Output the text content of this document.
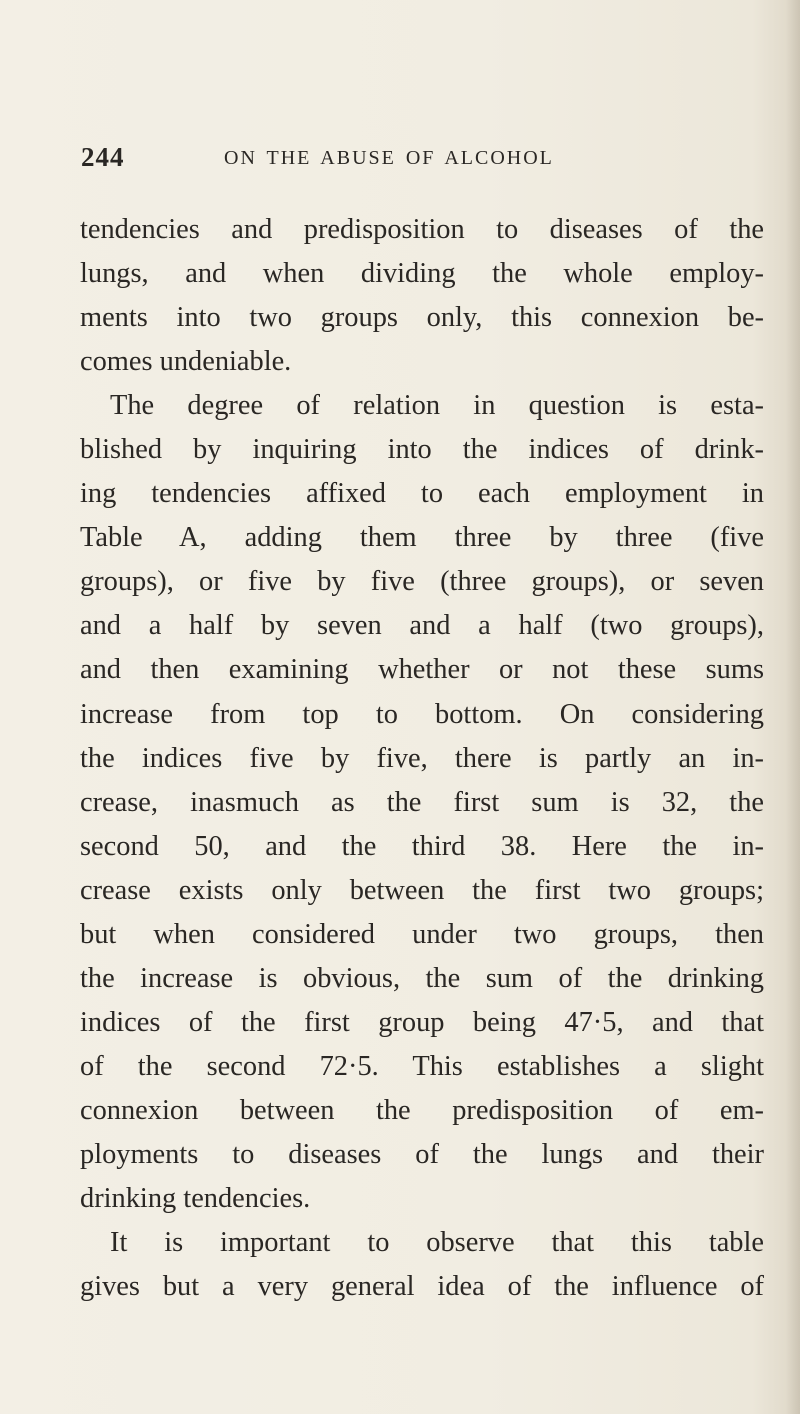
244	ON THE ABUSE OF ALCOHOL
tendencies and predisposition to diseases of the
lungs, and when dividing the whole employ-
ments into two groups only, this connexion be-
comes undeniable.
The degree of relation in question is esta-
blished by inquiring into the indices of drink-
ing tendencies affixed to each employment in
Table A, adding them three by three (five
groups), or five by five (three groups), or seven
and a half by seven and a half (two groups),
and then examining whether or not these sums
increase from top to bottom. On considering
the indices five by five, there is partly an in-
crease, inasmuch as the first sum is 32, the
second 50, and the third 38. Here the in-
crease exists only between the first two groups;
but when considered under two groups, then
the increase is obvious, the sum of the drinking
indices of the first group being 47·5, and that
of the second 72·5. This establishes a slight
connexion between the predisposition of em-
ployments to diseases of the lungs and their
drinking tendencies.
It is important to observe that this table
gives but a very general idea of the influence of
